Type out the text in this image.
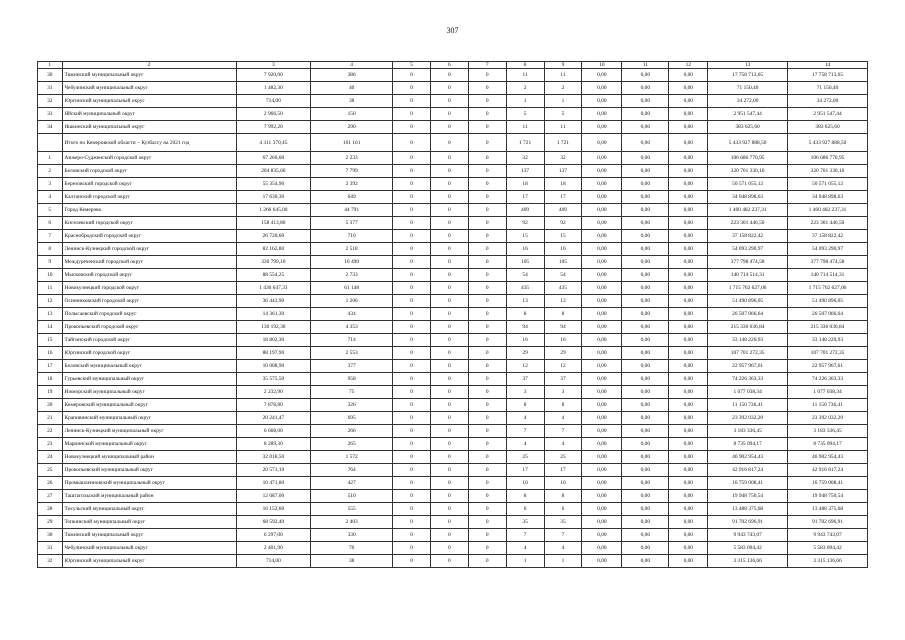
307
1	2	3	4	5	6	7	8	9	10	11	12	13	14
30	Тяжинский муниципальный округ	7 920,00	386	0	0	0	11	11	0,00	0,00	0,00	17 758 713,65	17 758 713,65
31	Чебулинский муниципальный округ	1 482,30	40	0	0	0	2	2	0,00	0,00	0,00	71 150,40	71 150,40
32	Юргинский муниципальный округ	714,00	38	0	0	0	1	1	0,00	0,00	0,00	34 272,00	34 272,00
33	Яйский муниципальный округ	2 966,50	150	0	0	0	5	5	0,00	0,00	0,00	2 951 547,44	2 951 547,44
34	Яшкинский муниципальный округ	7 992,20	290	0	0	0	11	11	0,00	0,00	0,00	383 625,60	383 625,60
	Итого по Кемеровской области − Кузбассу на 2021 год	4 311 370,45	161 161	0	0	0	1 721	1 721	0,00	0,00	0,00	5 433 927 888,50	5 433 927 888,50
1	Анжеро-Судженский городской округ	67 260,60	2 233	0	0	0	32	32	0,00	0,00	0,00	106 686 770,95	106 686 770,95
2	Беловский городской округ	204 835,60	7 799	0	0	0	137	137	0,00	0,00	0,00	320 701 330,16	320 701 330,16
3	Березовский городской округ	55 354,90	2 392	0	0	0	18	18	0,00	0,00	0,00	50 571 055,12	50 571 055,12
4	Калтанский городской округ	17 630,30	649	0	0	0	17	17	0,00	0,00	0,00	34 048 898,63	34 048 898,63
5	Город Кемерово	1 266 645,00	44 791	0	0	0	409	409	0,00	0,00	0,00	1 460 482 237,31	1 460 482 237,31
6	Киселевский городской округ	158 413,80	5 377	0	0	0	92	92	0,00	0,00	0,00	223 301 446,50	223 301 446,50
7	Краснобродский городской округ	26 720,60	710	0	0	0	15	15	0,00	0,00	0,00	37 158 822,42	37 158 822,42
8	Ленинск-Кузнецкий городской округ	82 162,80	2 518	0	0	0	16	16	0,00	0,00	0,00	54 093 290,97	54 093 290,97
9	Междуреченский городской округ	330 799,10	10 490	0	0	0	105	105	0,00	0,00	0,00	377 798 474,58	377 798 474,58
10	Мысковский городской округ	88 554,25	2 733	0	0	0	54	54	0,00	0,00	0,00	140 714 514,31	140 714 514,31
11	Новокузнецкий городской округ	1 430 647,33	61 148	0	0	0	435	435	0,00	0,00	0,00	1 715 762 627,06	1 715 762 627,06
12	Осинниковский городской округ	36 443,90	1 206	0	0	0	13	13	0,00	0,00	0,00	51 490 896,05	51 490 896,05
13	Полысаевский городской округ	14 361,30	434	0	0	0	8	8	0,00	0,00	0,00	26 507 066,64	26 507 066,64
14	Прокопьевский городской округ	130 192,30	4 353	0	0	0	94	94	0,00	0,00	0,00	215 336 036,84	215 336 036,84
15	Тайгинский городской округ	18 802,30	714	0	0	0	16	16	0,00	0,00	0,00	33 148 220,93	33 148 220,93
16	Юргинский городской округ	88 197,90	2 553	0	0	0	29	29	0,00	0,00	0,00	107 701 272,35	107 701 272,35
17	Беловский муниципальный округ	10 008,90	377	0	0	0	12	12	0,00	0,00	0,00	22 957 967,61	22 957 967,61
18	Гурьевский муниципальный округ	35 575,50	958	0	0	0	37	37	0,00	0,00	0,00	74 226 363,33	74 226 363,33
19	Ижморский муниципальный округ	2 232,90	75	0	0	0	3	3	0,00	0,00	0,00	1 077 038,34	1 077 038,34
20	Кемеровский муниципальный округ	7 878,80	326	0	0	0	8	8	0,00	0,00	0,00	11 150 736,41	11 150 736,41
21	Крапивинский муниципальный округ	20 241,47	695	0	0	0	4	4	0,00	0,00	0,00	23 392 032,20	23 392 032,20
22	Ленинск-Кузнецкий муниципальный округ	6 668,00	266	0	0	0	7	7	0,00	0,00	0,00	3 183 336,45	3 183 336,45
23	Мариинский муниципальный округ	8 289,30	265	0	0	0	4	4	0,00	0,00	0,00	8 735 094,17	8 735 094,17
24	Новокузнецкий муниципальный район	32 018,50	1 572	0	0	0	25	25	0,00	0,00	0,00	46 902 954,43	46 902 954,43
25	Прокопьевский муниципальный округ	20 571,10	764	0	0	0	17	17	0,00	0,00	0,00	42 916 817,24	42 916 817,24
26	Промышленновский муниципальный округ	10 471,80	427	0	0	0	10	10	0,00	0,00	0,00	16 759 008,41	16 759 008,41
27	Таштагольский муниципальный район	12 687,00	510	0	0	0	8	8	0,00	0,00	0,00	19 948 750,54	19 948 750,54
28	Тисульский муниципальный округ	16 152,60	555	0	0	0	6	6	0,00	0,00	0,00	13 488 375,68	13 488 375,68
29	Топкинский муниципальный округ	68 592,40	2 403	0	0	0	35	35	0,00	0,00	0,00	91 702 696,91	91 702 696,91
30	Тяжинский муниципальный округ	6 297,00	330	0	0	0	7	7	0,00	0,00	0,00	9 943 743,07	9 943 743,07
31	Чебулинский муниципальный округ	2 401,90	76	0	0	0	4	4	0,00	0,00	0,00	5 583 094,42	5 583 094,42
32	Юргинский муниципальный округ	714,00	38	0	0	0	1	1	0,00	0,00	0,00	3 315 136,66	3 315 136,66
